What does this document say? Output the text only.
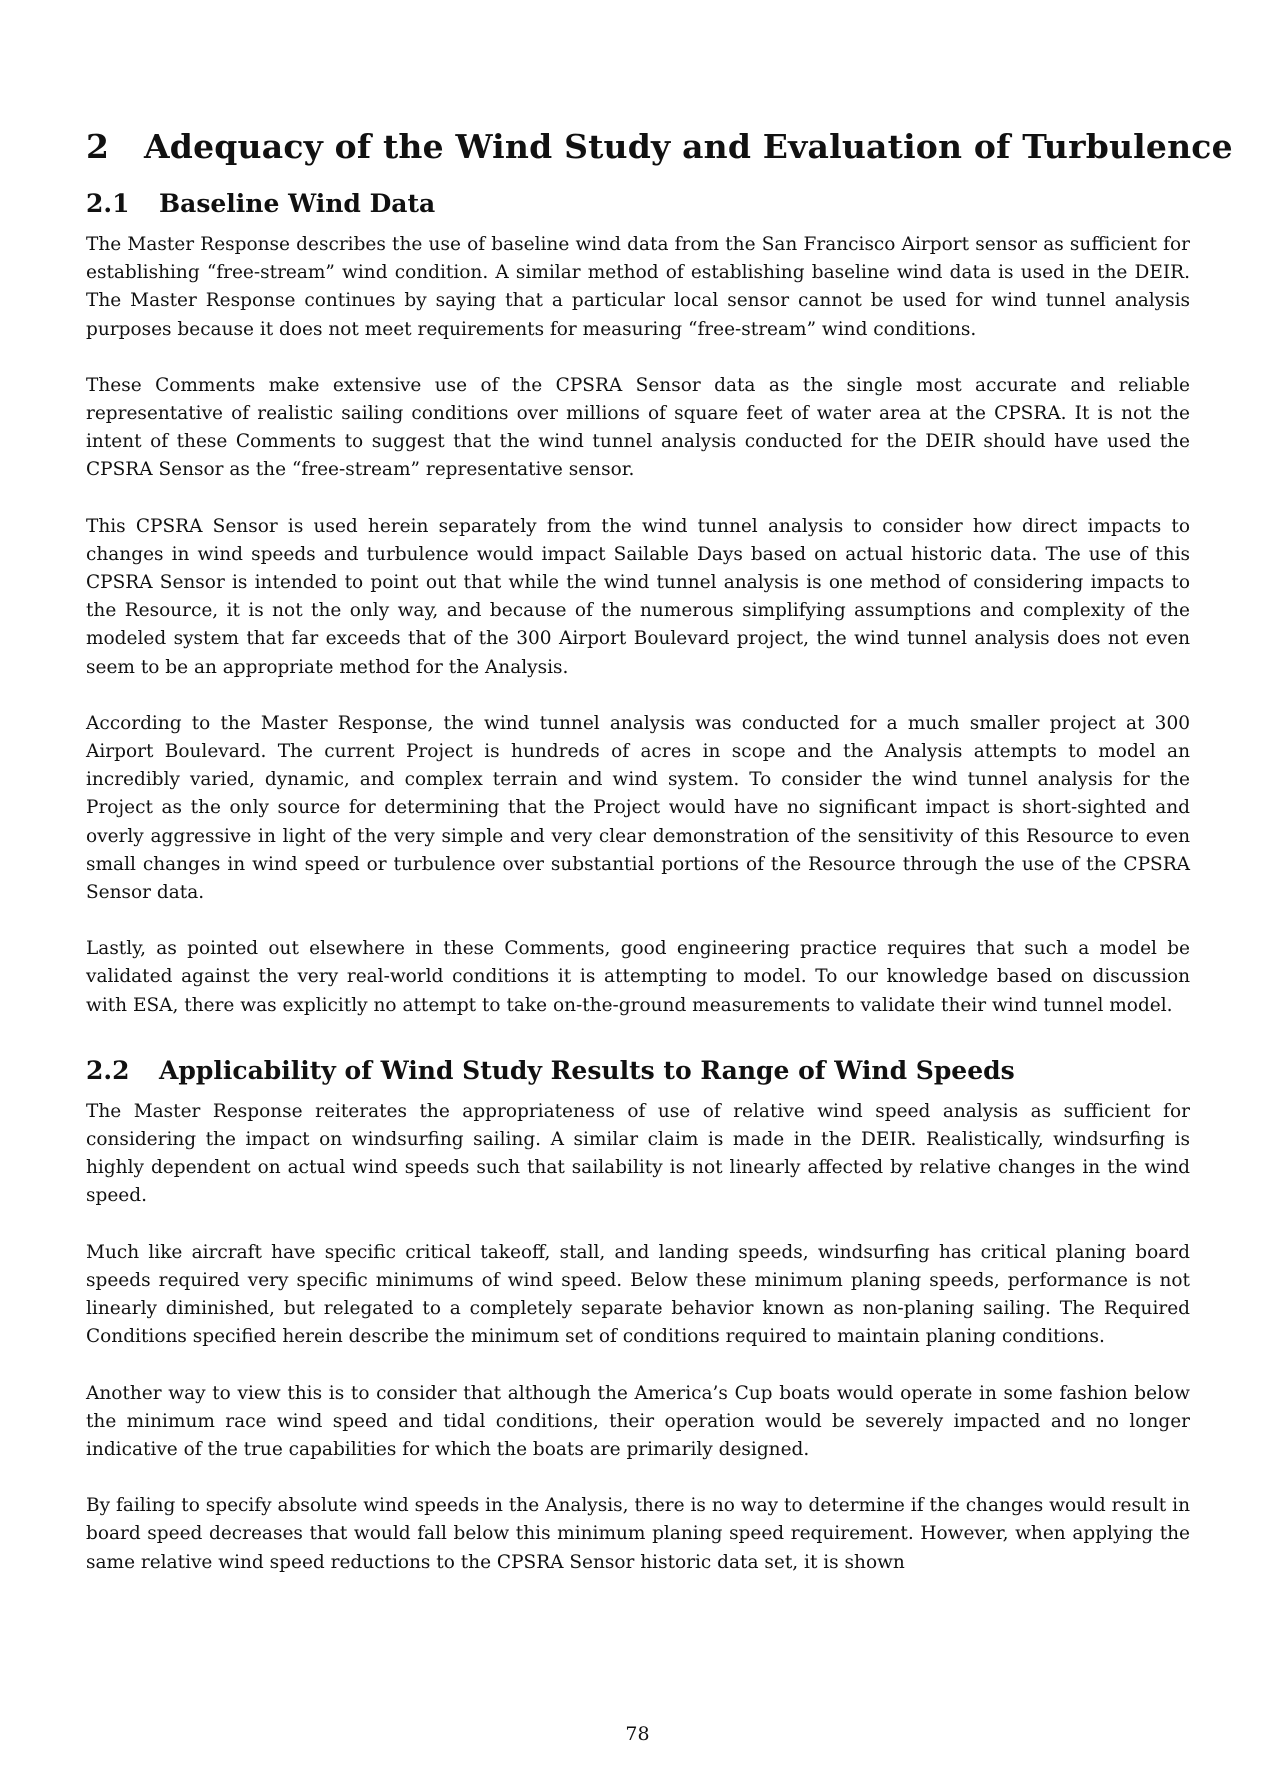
2 Adequacy of the Wind Study and Evaluation of Turbulence
2.1 Baseline Wind Data

The Master Response describes the use of baseline wind data from the San Francisco Airport sensor as sufficient for establishing “free-stream” wind condition. A similar method of establishing baseline wind data is used in the DEIR. The Master Response continues by saying that a particular local sensor cannot be used for wind tunnel analysis purposes because it does not meet requirements for measuring “free-stream” wind conditions.

These Comments make extensive use of the CPSRA Sensor data as the single most accurate and reliable representative of realistic sailing conditions over millions of square feet of water area at the CPSRA. It is not the intent of these Comments to suggest that the wind tunnel analysis conducted for the DEIR should have used the CPSRA Sensor as the “free-stream” representative sensor.

This CPSRA Sensor is used herein separately from the wind tunnel analysis to consider how direct impacts to changes in wind speeds and turbulence would impact Sailable Days based on actual historic data. The use of this CPSRA Sensor is intended to point out that while the wind tunnel analysis is one method of considering impacts to the Resource, it is not the only way, and because of the numerous simplifying assumptions and complexity of the modeled system that far exceeds that of the 300 Airport Boulevard project, the wind tunnel analysis does not even seem to be an appropriate method for the Analysis.

According to the Master Response, the wind tunnel analysis was conducted for a much smaller project at 300 Airport Boulevard. The current Project is hundreds of acres in scope and the Analysis attempts to model an incredibly varied, dynamic, and complex terrain and wind system. To consider the wind tunnel analysis for the Project as the only source for determining that the Project would have no significant impact is short-sighted and overly aggressive in light of the very simple and very clear demonstration of the sensitivity of this Resource to even small changes in wind speed or turbulence over substantial portions of the Resource through the use of the CPSRA Sensor data.

Lastly, as pointed out elsewhere in these Comments, good engineering practice requires that such a model be validated against the very real-world conditions it is attempting to model. To our knowledge based on discussion with ESA, there was explicitly no attempt to take on-the-ground measurements to validate their wind tunnel model.

2.2 Applicability of Wind Study Results to Range of Wind Speeds

The Master Response reiterates the appropriateness of use of relative wind speed analysis as sufficient for considering the impact on windsurfing sailing. A similar claim is made in the DEIR. Realistically, windsurfing is highly dependent on actual wind speeds such that sailability is not linearly affected by relative changes in the wind speed.

Much like aircraft have specific critical takeoff, stall, and landing speeds, windsurfing has critical planing board speeds required very specific minimums of wind speed. Below these minimum planing speeds, performance is not linearly diminished, but relegated to a completely separate behavior known as non-planing sailing. The Required Conditions specified herein describe the minimum set of conditions required to maintain planing conditions.

Another way to view this is to consider that although the America’s Cup boats would operate in some fashion below the minimum race wind speed and tidal conditions, their operation would be severely impacted and no longer indicative of the true capabilities for which the boats are primarily designed.

By failing to specify absolute wind speeds in the Analysis, there is no way to determine if the changes would result in board speed decreases that would fall below this minimum planing speed requirement. However, when applying the same relative wind speed reductions to the CPSRA Sensor historic data set, it is shown

78
